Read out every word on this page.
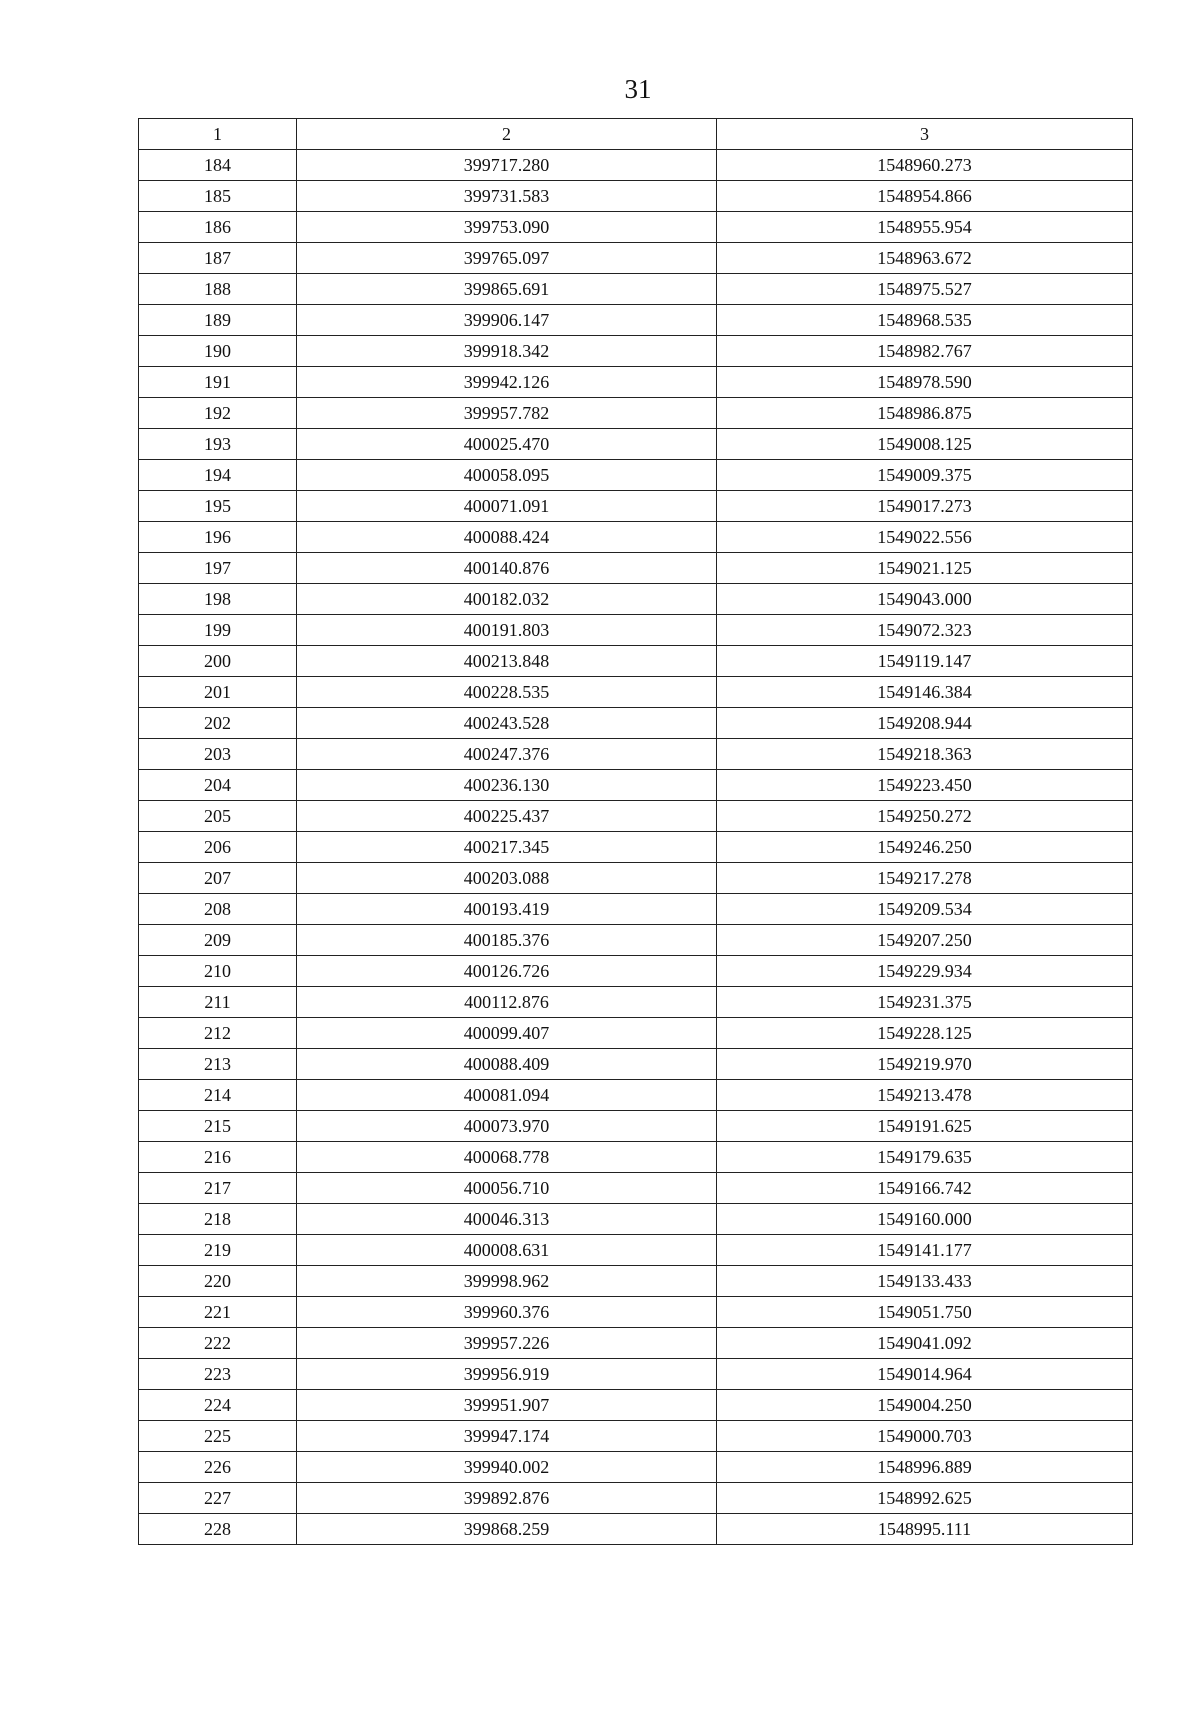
31
1	2	3
184	399717.280	1548960.273
185	399731.583	1548954.866
186	399753.090	1548955.954
187	399765.097	1548963.672
188	399865.691	1548975.527
189	399906.147	1548968.535
190	399918.342	1548982.767
191	399942.126	1548978.590
192	399957.782	1548986.875
193	400025.470	1549008.125
194	400058.095	1549009.375
195	400071.091	1549017.273
196	400088.424	1549022.556
197	400140.876	1549021.125
198	400182.032	1549043.000
199	400191.803	1549072.323
200	400213.848	1549119.147
201	400228.535	1549146.384
202	400243.528	1549208.944
203	400247.376	1549218.363
204	400236.130	1549223.450
205	400225.437	1549250.272
206	400217.345	1549246.250
207	400203.088	1549217.278
208	400193.419	1549209.534
209	400185.376	1549207.250
210	400126.726	1549229.934
211	400112.876	1549231.375
212	400099.407	1549228.125
213	400088.409	1549219.970
214	400081.094	1549213.478
215	400073.970	1549191.625
216	400068.778	1549179.635
217	400056.710	1549166.742
218	400046.313	1549160.000
219	400008.631	1549141.177
220	399998.962	1549133.433
221	399960.376	1549051.750
222	399957.226	1549041.092
223	399956.919	1549014.964
224	399951.907	1549004.250
225	399947.174	1549000.703
226	399940.002	1548996.889
227	399892.876	1548992.625
228	399868.259	1548995.111
